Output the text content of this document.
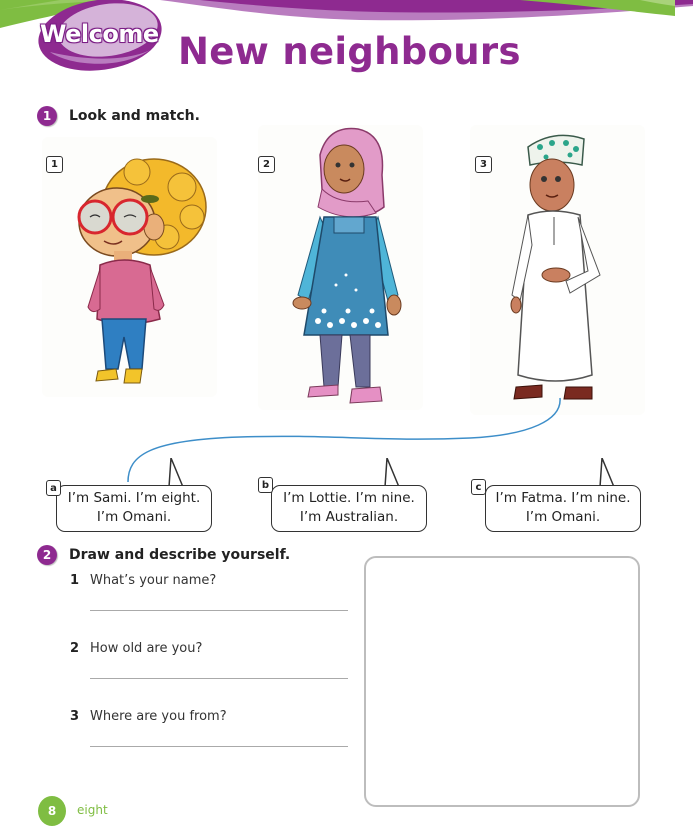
Welcome New neighbours
1	Look and match.
1	2	3
I’m Sami. I’m eight.
I’m Omani.
a
I’m Lottie. I’m nine.
I’m Australian.
b
I’m Fatma. I’m nine.
I’m Omani.
c
2	Draw and describe yourself.
1 What’s your name?
2 How old are you?
3 Where are you from?
8	eight
